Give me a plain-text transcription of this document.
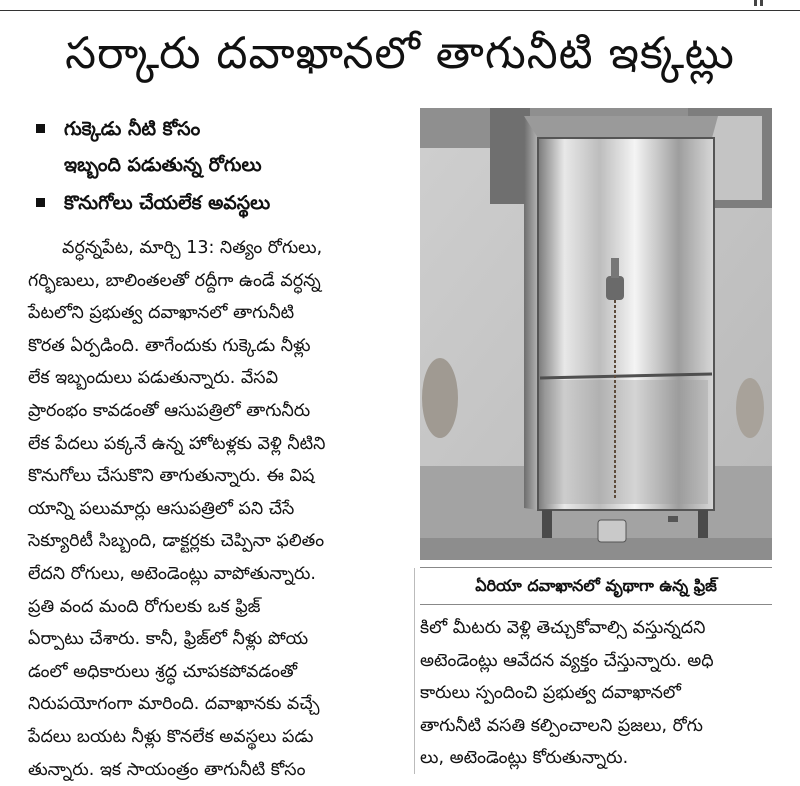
సర్కారు దవాఖానలో తాగునీటి ఇక్కట్లు
గుక్కెడు నీటి కోసం
ఇబ్బంది పడుతున్న రోగులు
కొనుగోలు చేయలేక అవస్థలు

వర్ధన్నపేట, మార్చి 13: నిత్యం రోగులు,

గర్భిణులు, బాలింతలతో రద్దీగా ఉండే వర్ధన్న

పేటలోని ప్రభుత్వ దవాఖానలో తాగునీటి

కొరత ఏర్పడింది. తాగేందుకు గుక్కెడు నీళ్లు

లేక ఇబ్బందులు పడుతున్నారు. వేసవి

ప్రారంభం కావడంతో ఆసుపత్రిలో తాగునీరు

లేక పేదలు పక్కనే ఉన్న హోటళ్లకు వెళ్లి నీటిని

కొనుగోలు చేసుకొని తాగుతున్నారు. ఈ విష

యాన్ని పలుమార్లు ఆసుపత్రిలో పని చేసే

సెక్యూరిటీ సిబ్బంది, డాక్టర్లకు చెప్పినా ఫలితం

లేదని రోగులు, అటెండెంట్లు వాపోతున్నారు.

ప్రతి వంద మంది రోగులకు ఒక ఫ్రిజ్

ఏర్పాటు చేశారు. కానీ, ఫ్రిజ్‌లో నీళ్లు పోయ

డంలో అధికారులు శ్రద్ధ చూపకపోవడంతో

నిరుపయోగంగా మారింది. దవాఖానకు వచ్చే

పేదలు బయట నీళ్లు కొనలేక అవస్థలు పడు

తున్నారు. ఇక సాయంత్రం తాగునీటి కోసం

ఏరియా దవాఖానలో వృథాగా ఉన్న ఫ్రిజ్

కిలో మీటరు వెళ్లి తెచ్చుకోవాల్సి వస్తున్నదని

అటెండెంట్లు ఆవేదన వ్యక్తం చేస్తున్నారు. అధి

కారులు స్పందించి ప్రభుత్వ దవాఖానలో

తాగునీటి వసతి కల్పించాలని ప్రజలు, రోగు

లు, అటెండెంట్లు కోరుతున్నారు.
